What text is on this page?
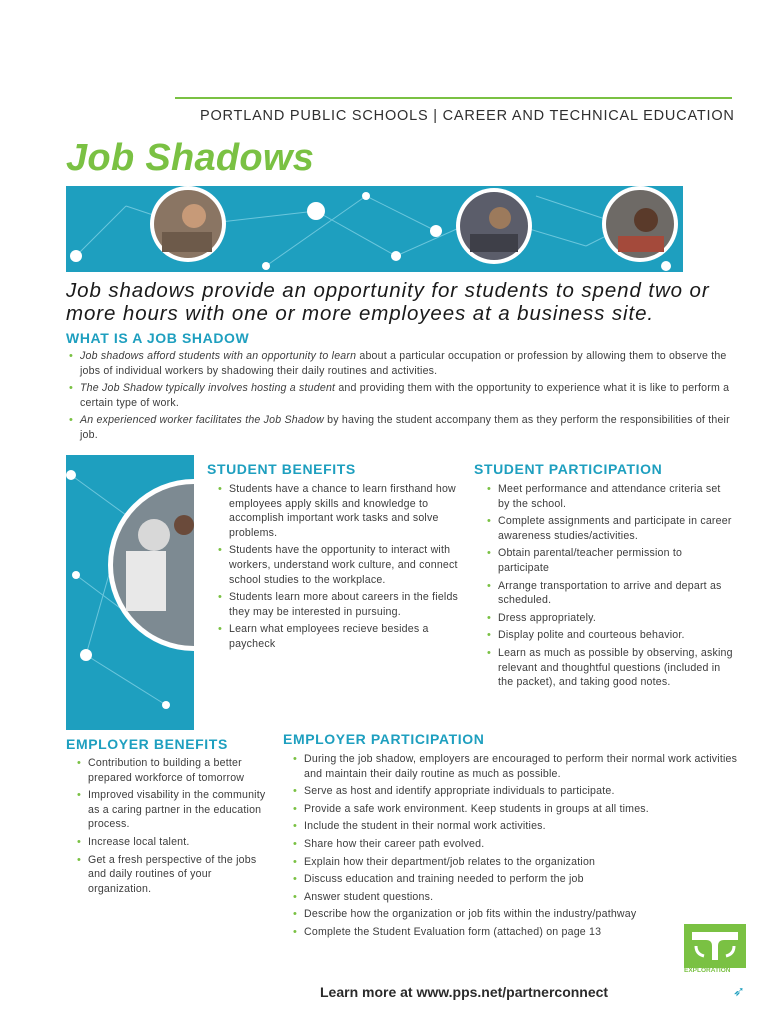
PORTLAND PUBLIC SCHOOLS | CAREER AND TECHNICAL EDUCATION
Job Shadows
Job shadows provide an opportunity for students to spend two or more hours with one or more employees at a business site.
WHAT IS A JOB SHADOW
• Job shadows afford students with an opportunity to learn about a particular occupation or profession by allowing them to observe the jobs of individual workers by shadowing their daily routines and activities.
• The Job Shadow typically involves hosting a student and providing them with the opportunity to experience what it is like to perform a certain type of work.
• An experienced worker facilitates the Job Shadow by having the student accompany them as they perform the responsibilities of their job.
STUDENT BENEFITS
• Students have a chance to learn firsthand how employees apply skills and knowledge to accomplish important work tasks and solve problems.
• Students have the opportunity to interact with workers, understand work culture, and connect school studies to the workplace.
• Students learn more about careers in the fields they may be interested in pursuing.
• Learn what employees recieve besides a paycheck
STUDENT PARTICIPATION
• Meet performance and attendance criteria set by the school.
• Complete assignments and participate in career awareness studies/activities.
• Obtain parental/teacher permission to participate
• Arrange transportation to arrive and depart as scheduled.
• Dress appropriately.
• Display polite and courteous behavior.
• Learn as much as possible by observing, asking relevant and thoughtful questions (included in the packet), and taking good notes.
EMPLOYER BENEFITS
• Contribution to building a better prepared workforce of tomorrow
• Improved visability in the community as a caring partner in the education process.
• Increase local talent.
• Get a fresh perspective of the jobs and daily routines of your organization.
EMPLOYER PARTICIPATION
• During the job shadow, employers are encouraged to perform their normal work activities and maintain their daily routine as much as possible.
• Serve as host and identify appropriate individuals to participate.
• Provide a safe work environment. Keep students in groups at all times.
• Include the student in their normal work activities.
• Share how their career path evolved.
• Explain how their department/job relates to the organization
• Discuss education and training needed to perform the job
• Answer student questions.
• Describe how the organization or job fits within the industry/pathway
• Complete the Student Evaluation form (attached) on page 13
CAREER
EXPLORATION
Learn more at www.pps.net/partnerconnect	➶
